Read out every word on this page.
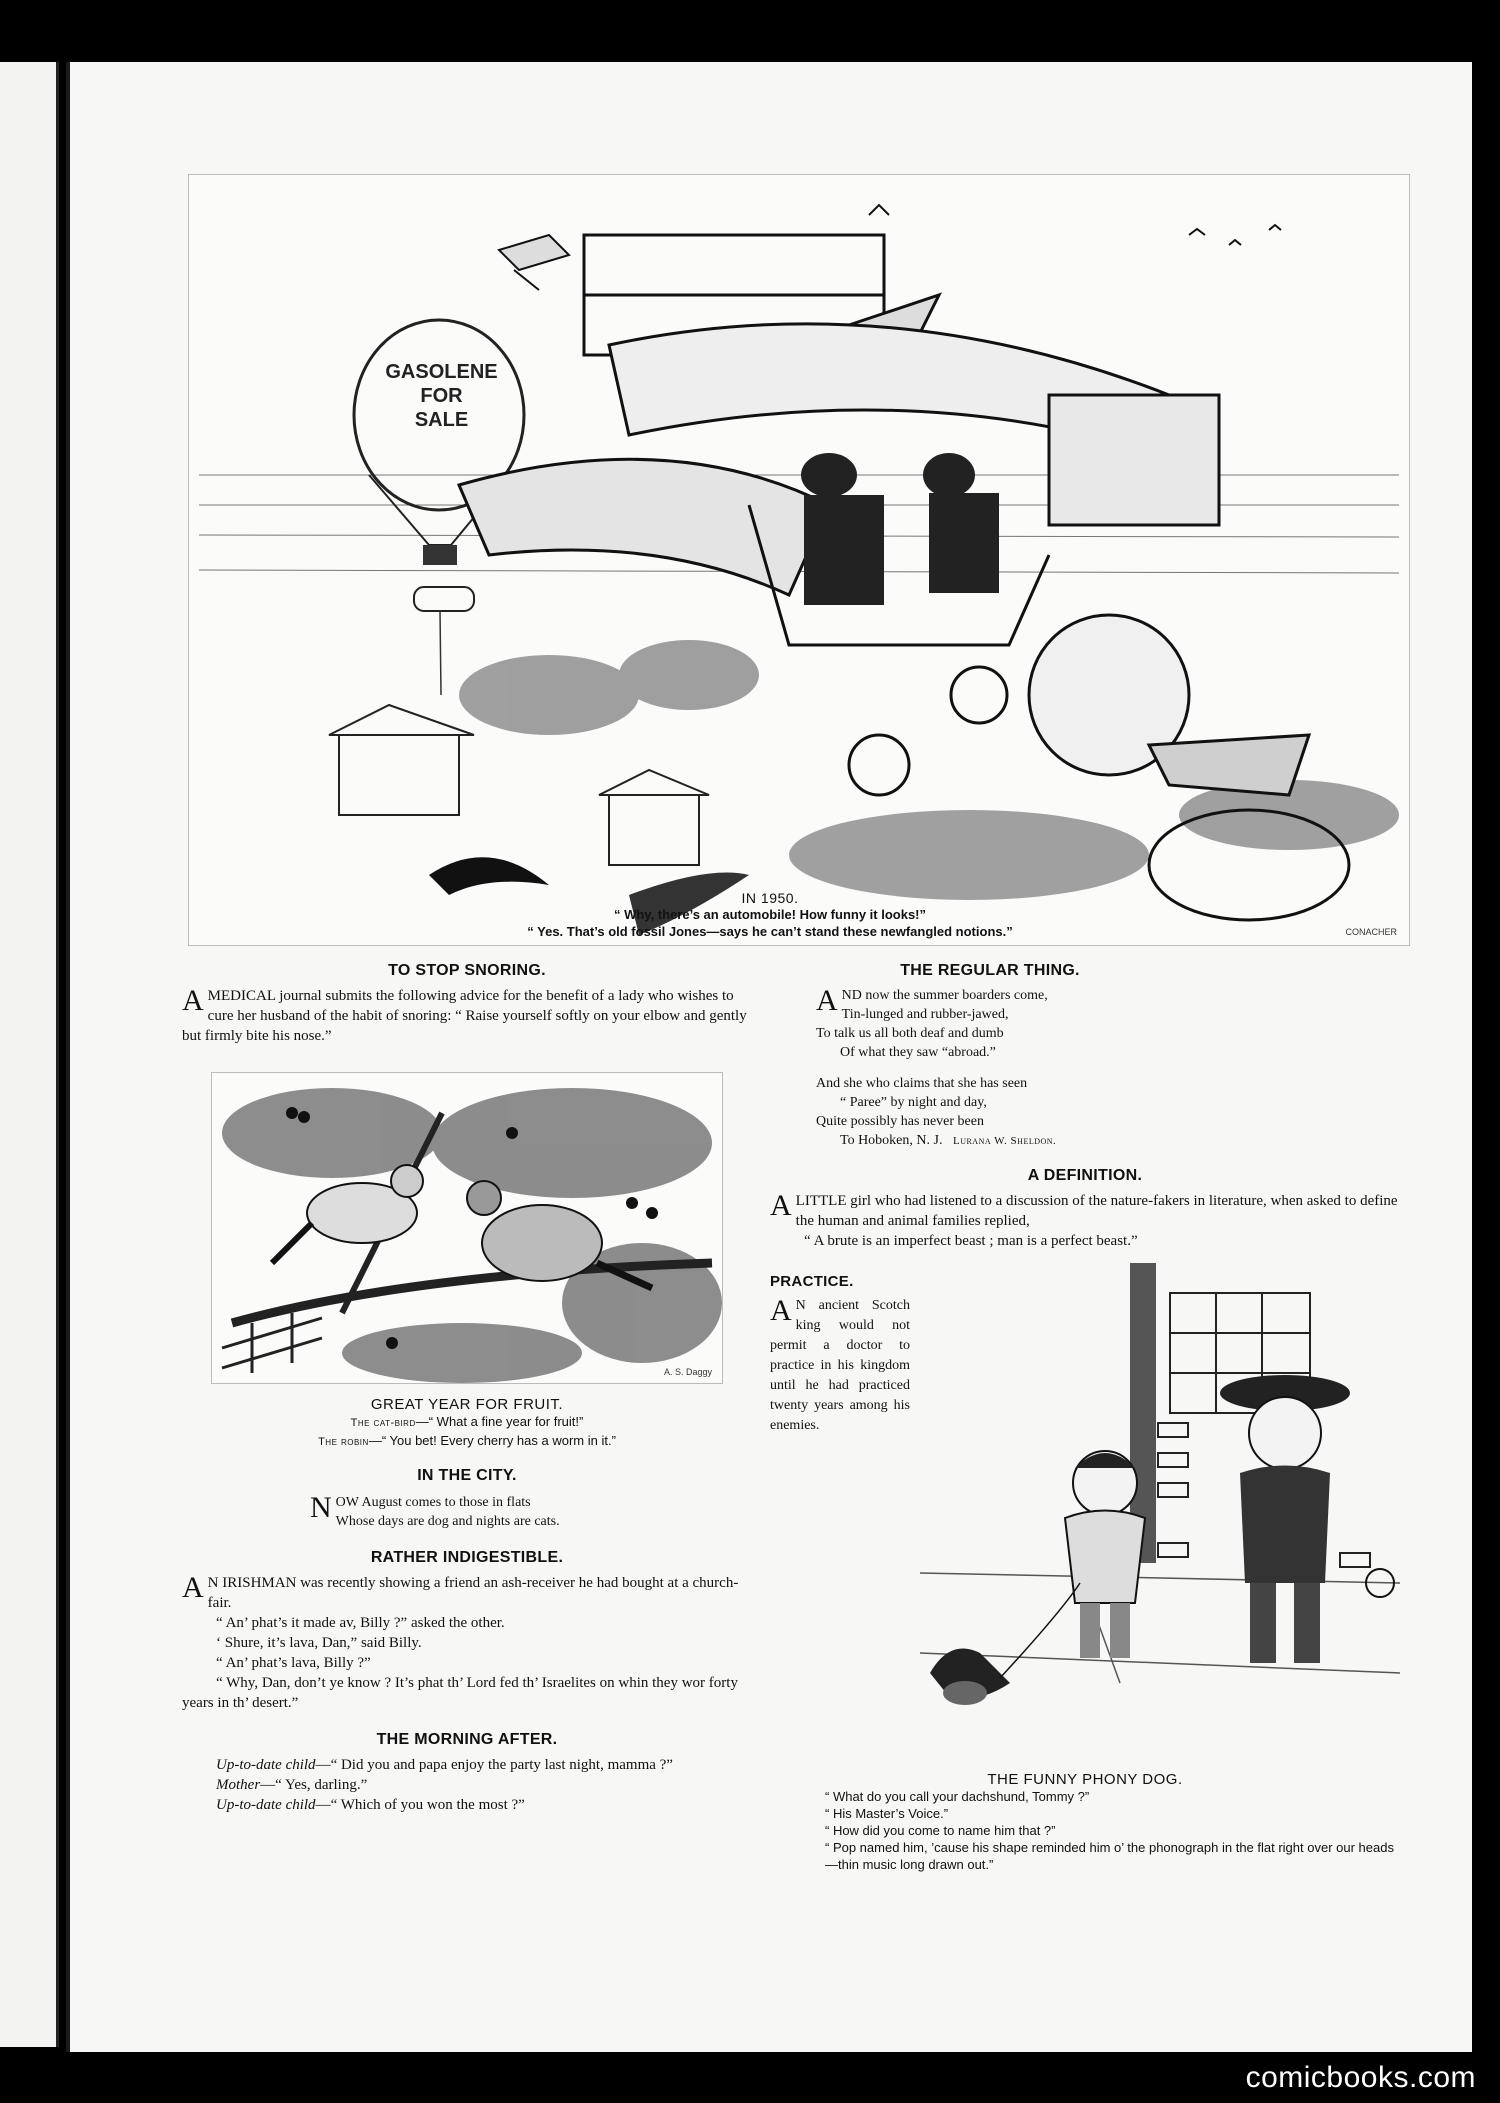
GASOLENE
FOR
SALE
CONACHER
IN 1950.
“ Why, there’s an automobile! How funny it looks!”
“ Yes. That’s old fossil Jones—says he can’t stand these newfangled notions.”
TO STOP SNORING.
A MEDICAL journal submits the following advice for the benefit of a lady who wishes to cure her husband of the habit of snoring: “ Raise yourself softly on your elbow and gently but firmly bite his nose.”
A. S. Daggy
GREAT YEAR FOR FRUIT.
The cat-bird—“ What a fine year for fruit!”
The robin—“ You bet! Every cherry has a worm in it.”
IN THE CITY.
N OW August comes to those in flats

Whose days are dog and nights are cats.

RATHER INDIGESTIBLE.

A N IRISHMAN was recently showing a friend an ash-receiver he had bought at a church-fair.

“ An’ phat’s it made av, Billy ?” asked the other.

‘ Shure, it’s lava, Dan,” said Billy.

“ An’ phat’s lava, Billy ?”

“ Why, Dan, don’t ye know ? It’s phat th’ Lord fed th’ Israelites on whin they wor forty years in th’ desert.”

THE MORNING AFTER.

Up-to-date child—“ Did you and papa enjoy the party last night, mamma ?”

Mother—“ Yes, darling.”

Up-to-date child—“ Which of you won the most ?”

THE REGULAR THING.
A ND now the summer boarders come,

Tin-lunged and rubber-jawed,

To talk us all both deaf and dumb

Of what they saw “abroad.”

And she who claims that she has seen

“ Paree” by night and day,

Quite possibly has never been

To Hoboken, N. J. Lurana W. Sheldon.

A DEFINITION.

ALITTLE girl who had listened to a discussion of the nature-fakers in literature, when asked to define the human and animal families replied,

“ A brute is an imperfect beast ; man is a perfect beast.”

PRACTICE.
A N ancient Scotch king would not permit a doctor to practice in his kingdom until he had practiced twenty years among his enemies.
THE FUNNY PHONY DOG.
“ What do you call your dachshund, Tommy ?”
“ His Master’s Voice.”
“ How did you come to name him that ?”
“ Pop named him, ’cause his shape reminded him o’ the phonograph in the flat right over our heads—thin music long drawn out.”
comicbooks.com
